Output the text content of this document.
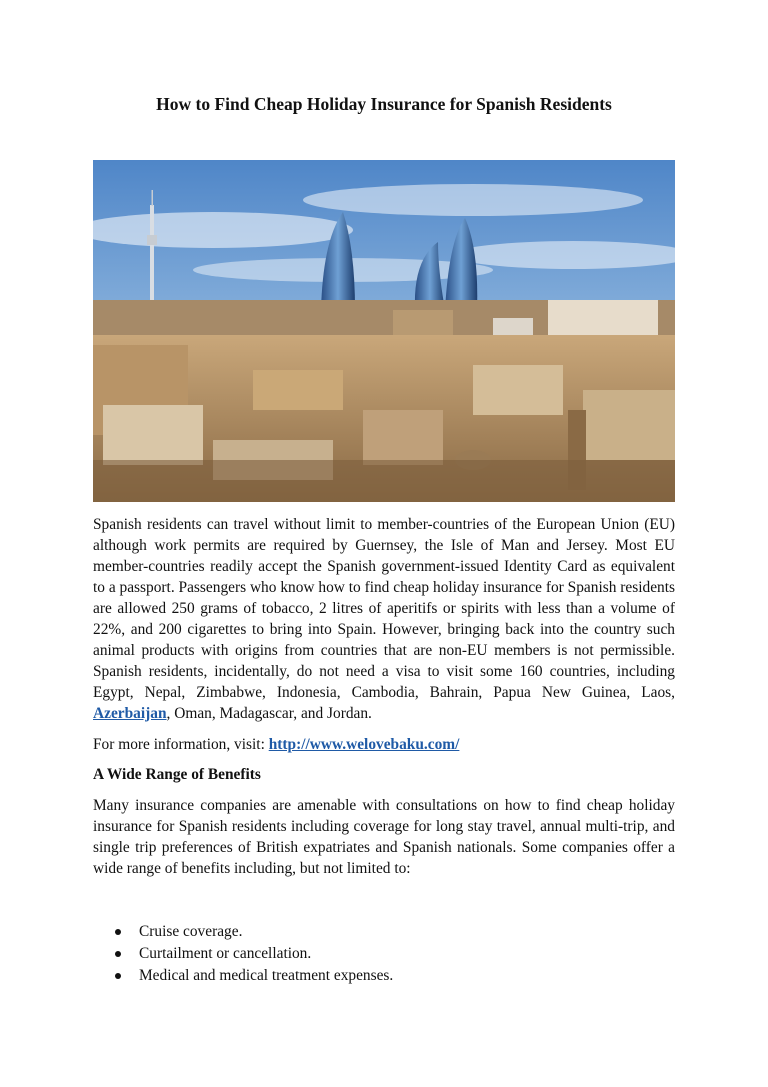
How to Find Cheap Holiday Insurance for Spanish Residents

Spanish residents can travel without limit to member-countries of the European Union (EU) although work permits are required by Guernsey, the Isle of Man and Jersey. Most EU member-countries readily accept the Spanish government-issued Identity Card as equivalent to a passport. Passengers who know how to find cheap holiday insurance for Spanish residents are allowed 250 grams of tobacco, 2 litres of aperitifs or spirits with less than a volume of 22%, and 200 cigarettes to bring into Spain. However, bringing back into the country such animal products with origins from countries that are non-EU members is not permissible. Spanish residents, incidentally, do not need a visa to visit some 160 countries, including Egypt, Nepal, Zimbabwe, Indonesia, Cambodia, Bahrain, Papua New Guinea, Laos, Azerbaijan, Oman, Madagascar, and Jordan.

For more information, visit: http://www.welovebaku.com/

A Wide Range of Benefits

Many insurance companies are amenable with consultations on how to find cheap holiday insurance for Spanish residents including coverage for long stay travel, annual multi-trip, and single trip preferences of British expatriates and Spanish nationals. Some companies offer a wide range of benefits including, but not limited to:

Cruise coverage.
Curtailment or cancellation.
Medical and medical treatment expenses.
